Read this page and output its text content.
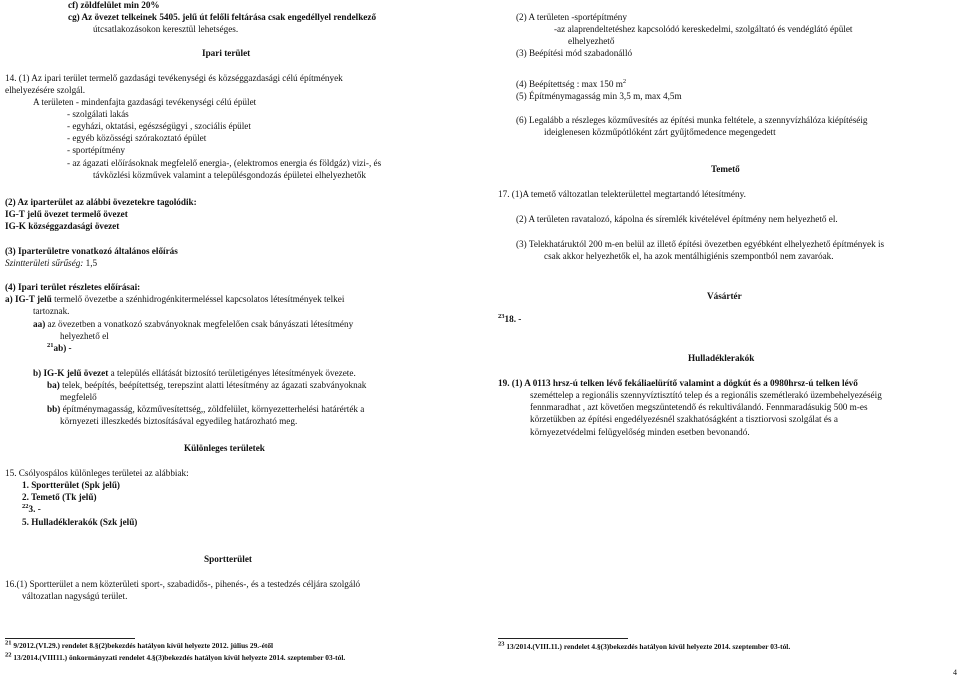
cf) zöldfelület min 20%
cg) Az övezet telkeinek 5405. jelű út felőli feltárása csak engedéllyel rendelkező
útcsatlakozásokon keresztül lehetséges.
Ipari terület
14. (1) Az ipari terület termelő gazdasági tevékenységi és községgazdasági célú építmények
elhelyezésére szolgál.
A területen - mindenfajta gazdasági tevékenységi célú épület
- szolgálati lakás
- egyházi, oktatási, egészségügyi , szociális épület
- egyéb közösségi szórakoztató épület
- sportépítmény
- az ágazati előírásoknak megfelelő energia-, (elektromos energia és földgáz) vizi-, és
távközlési közművek valamint a településgondozás épületei elhelyezhetők
(2) Az iparterület az alábbi övezetekre tagolódik:
IG-T jelű övezet termelő övezet
IG-K községgazdasági övezet
(3) Iparterületre vonatkozó általános előírás
Szintterületi sűrűség: 1,5
(4) Ipari terület részletes előírásai:
a) IG-T jelű termelő övezetbe a szénhidrogénkitermeléssel kapcsolatos létesítmények telkei
tartoznak.
aa) az övezetben a vonatkozó szabványoknak megfelelően csak bányászati létesítmény
helyezhető el
$^{21}$ab) -
b) IG-K jelű övezet a település ellátását biztosító területigényes létesítmények övezete.
ba) telek, beépítés, beépítettség, terepszint alatti létesítmény az ágazati szabványoknak
megfelelő
bb) építménymagasság, közművesítettség,, zöldfelület, környezetterhelési határérték a
környezeti illeszkedés biztosításával egyedileg határozható meg.
Különleges területek
15. Csólyospálos különleges területei az alábbiak:
1. Sportterület (Spk jelű)
2. Temető (Tk jelű)
$^{22}$3. -
5. Hulladéklerakók (Szk jelű)
Sportterület
16.(1) Sportterület a nem közterületi sport-, szabadidős-, pihenés-, és a testedzés céljára szolgáló
változatlan nagyságú terület.
$^{21}$ 9/2012.(VI.29.) rendelet 8.§(2)bekezdés hatályon kívül helyezte 2012. július 29.-étől
$^{22}$ 13/2014.(VIII11.) önkormányzati rendelet 4.§(3)bekezdés hatályon kívül helyezte 2014. szeptember 03-tól.
(2) A területen -sportépítmény
-az alaprendeltetéshez kapcsolódó kereskedelmi, szolgáltató és vendéglátó épület
elhelyezhető
(3) Beépítési mód szabadonálló
(4) Beépítettség : max 150 $m^2$
(5) Építménymagasság min 3,5 m, max 4,5m
(6) Legalább a részleges közművesítés az építési munka feltétele, a szennyvízhálóza kiépítéséig
ideiglenesen közműpótlóként zárt gyűjtőmedence megengedett
Temető
17. (1)A temető változatlan telekterülettel megtartandó létesítmény.
(2) A területen ravatalozó, kápolna és síremlék kivételével építmény nem helyezhető el.
(3) Telekhatáruktól 200 m-en belül az illető építési övezetben egyébként elhelyezhető építmények is
csak akkor helyezhetők el, ha azok mentálhigiénis szempontból nem zavaróak.
Vásártér
$^{23}$18. -
Hulladéklerakók
19. (1) A 0113 hrsz-ú telken lévő fekáliaelürítő valamint a dögkút és a 0980hrsz-ú telken lévő
szeméttelep a regionális szennyvíztisztító telep és a regionális szemétlerakó üzembehelyezéséig
fennmaradhat , azt követően megszüntetendő és rekultiválandó. Fennmaradásukig 500 m-es
körzetükben az építési engedélyezésnél szakhatóságként a tisztiorvosi szolgálat és a
környezetvédelmi felügyelőség minden esetben bevonandó.
$^{23}$ 13/2014.(VIII.11.) rendelet 4.§(3)bekezdés hatályon kívül helyezte 2014. szeptember 03-tól.
4
